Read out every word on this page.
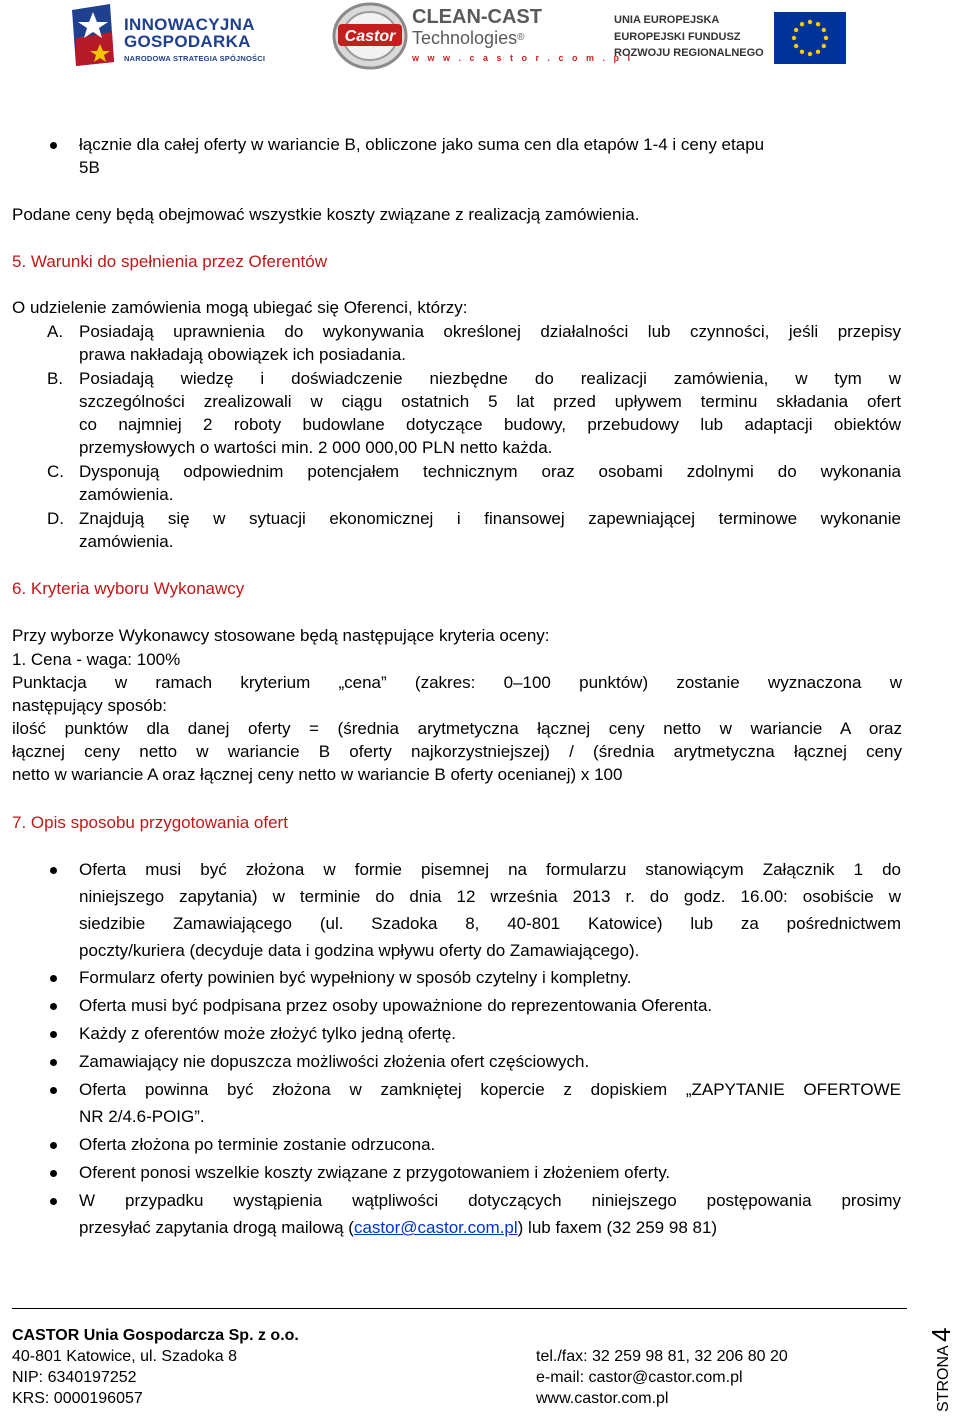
INNOWACYJNA
GOSPODARKA
NARODOWA STRATEGIA SPÓJNOŚCI
Castor
CLEAN-CAST
Technologies®
w w w . c a s t o r . c o m . p l
UNIA EUROPEJSKA
EUROPEJSKI FUNDUSZ
ROZWOJU REGIONALNEGO
łącznie dla całej oferty w wariancie B, obliczone jako suma cen dla etapów 1-4 i ceny etapu
5B
Podane ceny będą obejmować wszystkie koszty związane z realizacją zamówienia.
5. Warunki do spełnienia przez Oferentów
O udzielenie zamówienia mogą ubiegać się Oferenci, którzy:
A. Posiadają uprawnienia do wykonywania określonej działalności lub czynności, jeśli przepisy
prawa nakładają obowiązek ich posiadania.
B. Posiadają wiedzę i doświadczenie niezbędne do realizacji zamówienia, w tym w
szczególności zrealizowali w ciągu ostatnich 5 lat przed upływem terminu składania ofert
co najmniej 2 roboty budowlane dotyczące budowy, przebudowy lub adaptacji obiektów
przemysłowych o wartości min. 2 000 000,00 PLN netto każda.
C. Dysponują odpowiednim potencjałem technicznym oraz osobami zdolnymi do wykonania
zamówienia.
D. Znajdują się w sytuacji ekonomicznej i finansowej zapewniającej terminowe wykonanie
zamówienia.
6. Kryteria wyboru Wykonawcy
Przy wyborze Wykonawcy stosowane będą następujące kryteria oceny:
1. Cena - waga: 100%
Punktacja w ramach kryterium „cena” (zakres: 0–100 punktów) zostanie wyznaczona w
następujący sposób:
ilość punktów dla danej oferty = (średnia arytmetyczna łącznej ceny netto w wariancie A oraz
łącznej ceny netto w wariancie B oferty najkorzystniejszej) / (średnia arytmetyczna łącznej ceny
netto w wariancie A oraz łącznej ceny netto w wariancie B oferty ocenianej) x 100
7. Opis sposobu przygotowania ofert
Oferta musi być złożona w formie pisemnej na formularzu stanowiącym Załącznik 1 do
niniejszego zapytania) w terminie do dnia 12 września 2013 r. do godz. 16.00: osobiście w
siedzibie Zamawiającego (ul. Szadoka 8, 40-801 Katowice) lub za pośrednictwem
poczty/kuriera (decyduje data i godzina wpływu oferty do Zamawiającego).
Formularz oferty powinien być wypełniony w sposób czytelny i kompletny.
Oferta musi być podpisana przez osoby upoważnione do reprezentowania Oferenta.
Każdy z oferentów może złożyć tylko jedną ofertę.
Zamawiający nie dopuszcza możliwości złożenia ofert częściowych.
Oferta powinna być złożona w zamkniętej kopercie z dopiskiem „ZAPYTANIE OFERTOWE
NR 2/4.6-POIG”.
Oferta złożona po terminie zostanie odrzucona.
Oferent ponosi wszelkie koszty związane z przygotowaniem i złożeniem oferty.
W przypadku wystąpienia wątpliwości dotyczących niniejszego postępowania prosimy
przesyłać zapytania drogą mailową (castor@castor.com.pl) lub faxem (32 259 98 81)
CASTOR Unia Gospodarcza Sp. z o.o.
40-801 Katowice, ul. Szadoka 8
NIP: 6340197252
KRS: 0000196057
tel./fax: 32 259 98 81, 32 206 80 20
e-mail: castor@castor.com.pl
www.castor.com.pl	STRONA
4
